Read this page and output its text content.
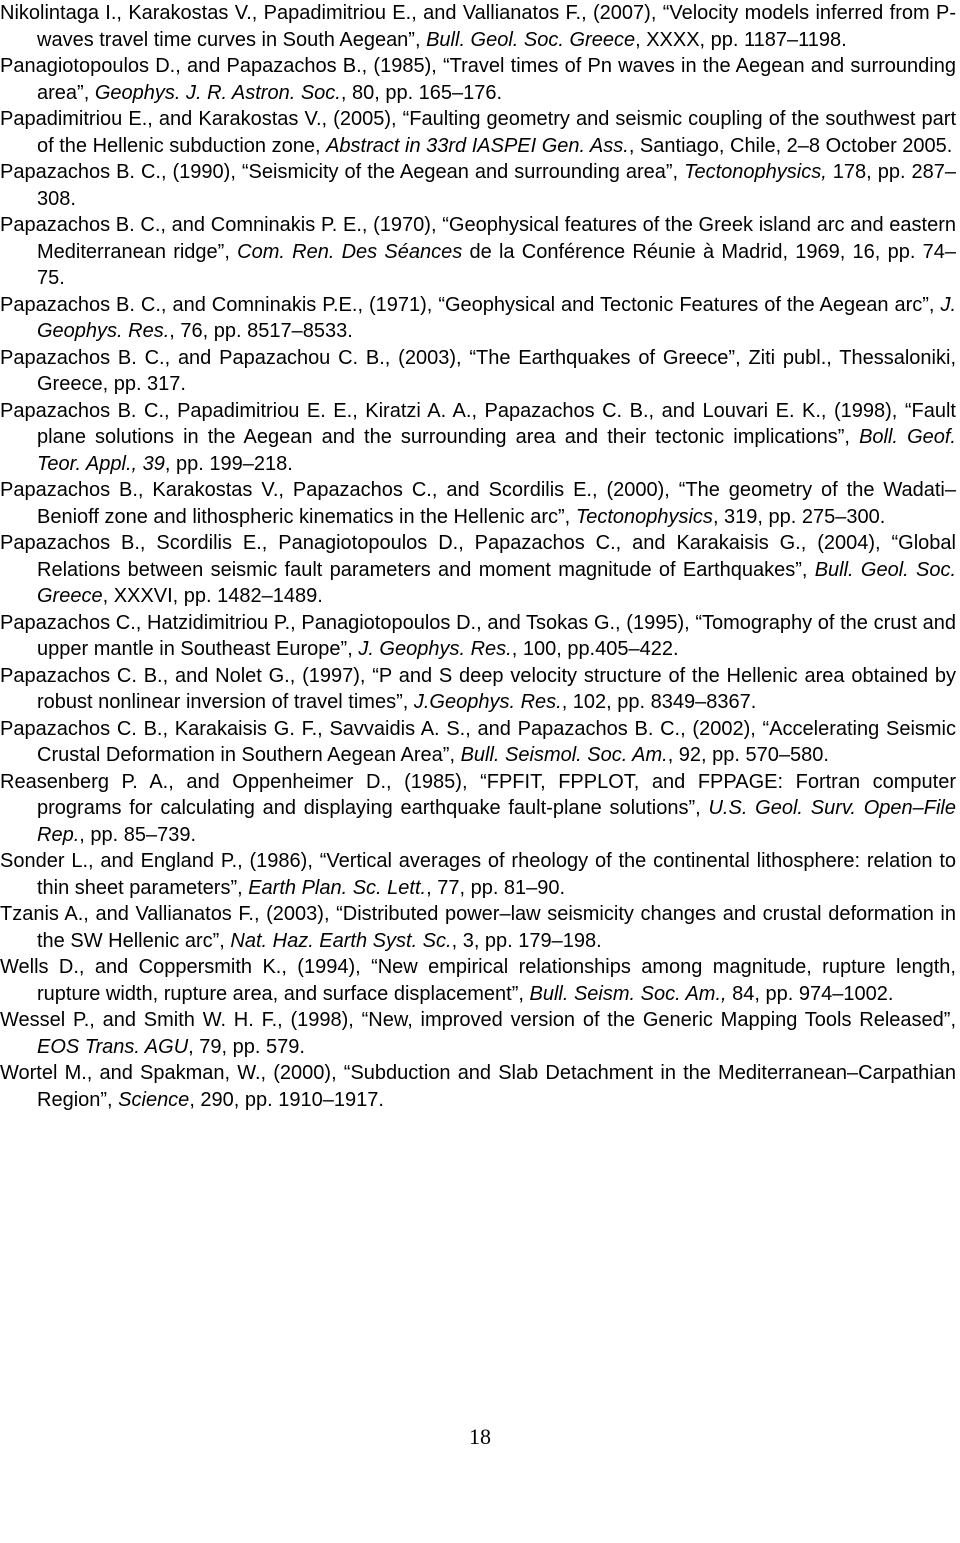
Nikolintaga I., Karakostas V., Papadimitriou E., and Vallianatos F., (2007), “Velocity models inferred from P-waves travel time curves in South Aegean”, Bull. Geol. Soc. Greece, XXXX, pp. 1187–1198.
Panagiotopoulos D., and Papazachos B., (1985), “Travel times of Pn waves in the Aegean and surrounding area”, Geophys. J. R. Astron. Soc., 80, pp. 165–176.
Papadimitriou E., and Karakostas V., (2005), “Faulting geometry and seismic coupling of the southwest part of the Hellenic subduction zone, Abstract in 33rd IASPEI Gen. Ass., Santiago, Chile, 2–8 October 2005.
Papazachos B. C., (1990), “Seismicity of the Aegean and surrounding area”, Tectonophysics, 178, pp. 287–308.
Papazachos B. C., and Comninakis P. E., (1970), “Geophysical features of the Greek island arc and eastern Mediterranean ridge”, Com. Ren. Des Séances de la Conférence Réunie à Madrid, 1969, 16, pp. 74–75.
Papazachos B. C., and Comninakis P.E., (1971), “Geophysical and Tectonic Features of the Aegean arc”, J. Geophys. Res., 76, pp. 8517–8533.
Papazachos B. C., and Papazachou C. B., (2003), “The Earthquakes of Greece”, Ziti publ., Thessaloniki, Greece, pp. 317.
Papazachos B. C., Papadimitriou E. E., Kiratzi A. A., Papazachos C. B., and Louvari E. K., (1998), “Fault plane solutions in the Aegean and the surrounding area and their tectonic implications”, Boll. Geof. Teor. Appl., 39, pp. 199–218.
Papazachos B., Karakostas V., Papazachos C., and Scordilis E., (2000), “The geometry of the Wadati–Benioff zone and lithospheric kinematics in the Hellenic arc”, Tectonophysics, 319, pp. 275–300.
Papazachos B., Scordilis E., Panagiotopoulos D., Papazachos C., and Karakaisis G., (2004), “Global Relations between seismic fault parameters and moment magnitude of Earthquakes”, Bull. Geol. Soc. Greece, XXXVI, pp. 1482–1489.
Papazachos C., Hatzidimitriou P., Panagiotopoulos D., and Tsokas G., (1995), “Tomography of the crust and upper mantle in Southeast Europe”, J. Geophys. Res., 100, pp.405–422.
Papazachos C. B., and Nolet G., (1997), “P and S deep velocity structure of the Hellenic area obtained by robust nonlinear inversion of travel times”, J.Geophys. Res., 102, pp. 8349–8367.
Papazachos C. B., Karakaisis G. F., Savvaidis A. S., and Papazachos B. C., (2002), “Accelerating Seismic Crustal Deformation in Southern Aegean Area”, Bull. Seismol. Soc. Am., 92, pp. 570–580.
Reasenberg P. A., and Oppenheimer D., (1985), “FPFIT, FPPLOT, and FPPAGE: Fortran computer programs for calculating and displaying earthquake fault-plane solutions”, U.S. Geol. Surv. Open–File Rep., pp. 85–739.
Sonder L., and England P., (1986), “Vertical averages of rheology of the continental lithosphere: relation to thin sheet parameters”, Earth Plan. Sc. Lett., 77, pp. 81–90.
Tzanis A., and Vallianatos F., (2003), “Distributed power–law seismicity changes and crustal deformation in the SW Hellenic arc”, Nat. Haz. Earth Syst. Sc., 3, pp. 179–198.
Wells D., and Coppersmith K., (1994), “New empirical relationships among magnitude, rupture length, rupture width, rupture area, and surface displacement”, Bull. Seism. Soc. Am., 84, pp. 974–1002.
Wessel P., and Smith W. H. F., (1998), “New, improved version of the Generic Mapping Tools Released”, EOS Trans. AGU, 79, pp. 579.
Wortel M., and Spakman, W., (2000), “Subduction and Slab Detachment in the Mediterranean–Carpathian Region”, Science, 290, pp. 1910–1917.
18
